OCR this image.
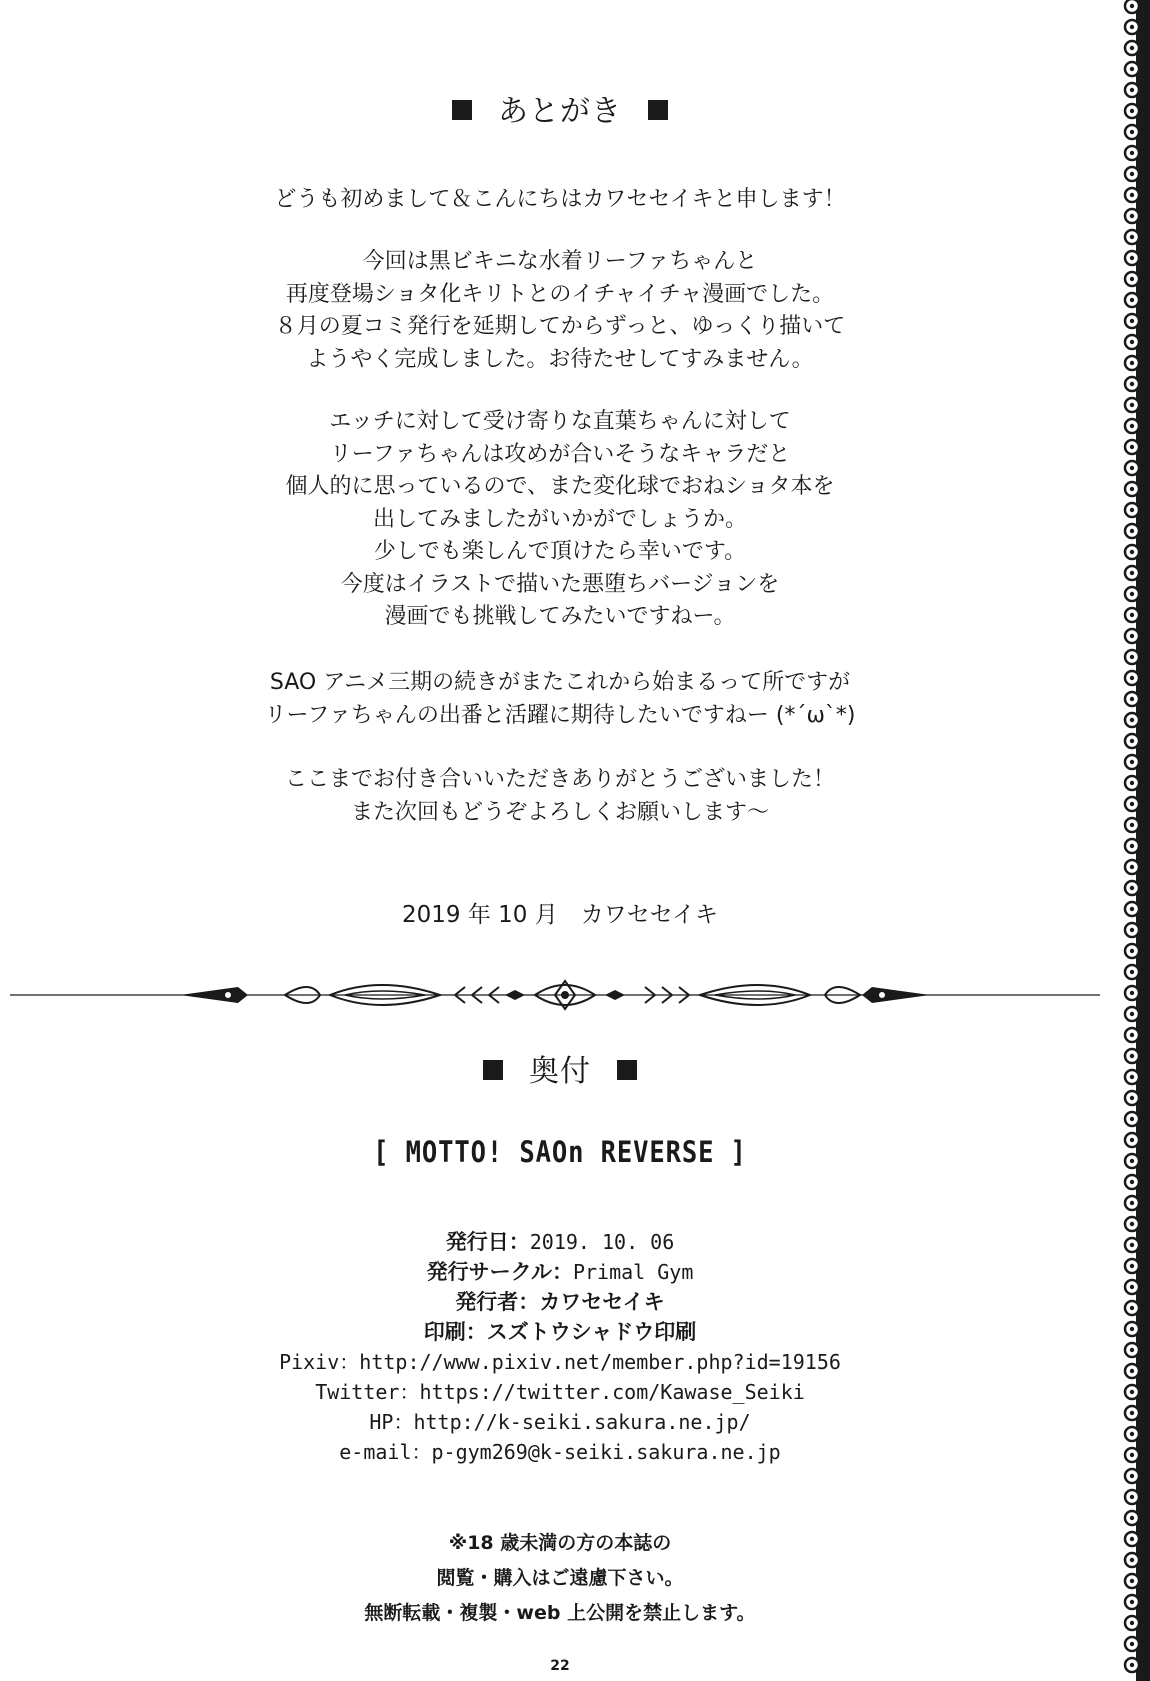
あとがき
どうも初めまして＆こんにちはカワセセイキと申します！
今回は黒ビキニな水着リーファちゃんと
再度登場ショタ化キリトとのイチャイチャ漫画でした。
８月の夏コミ発行を延期してからずっと、ゆっくり描いて
ようやく完成しました。お待たせしてすみません。
エッチに対して受け寄りな直葉ちゃんに対して
リーファちゃんは攻めが合いそうなキャラだと
個人的に思っているので、また変化球でおねショタ本を
出してみましたがいかがでしょうか。
少しでも楽しんで頂けたら幸いです。
今度はイラストで描いた悪堕ちバージョンを
漫画でも挑戦してみたいですねー。
SAO アニメ三期の続きがまたこれから始まるって所ですが
リーファちゃんの出番と活躍に期待したいですねー (*´ω`*)
ここまでお付き合いいただきありがとうございました！
また次回もどうぞよろしくお願いします～
2019 年 10 月　カワセセイキ
奥付
[ MOTTO! SAOn REVERSE ]
発行日：2019. 10. 06
発行サークル：Primal Gym
発行者：カワセセイキ
印刷：スズトウシャドウ印刷
Pixiv：http://www.pixiv.net/member.php?id=19156
Twitter：https://twitter.com/Kawase_Seiki
HP：http://k-seiki.sakura.ne.jp/
e-mail：p-gym269@k-seiki.sakura.ne.jp
※18 歳未満の方の本誌の
閲覧・購入はご遠慮下さい。
無断転載・複製・web 上公開を禁止します。
22
